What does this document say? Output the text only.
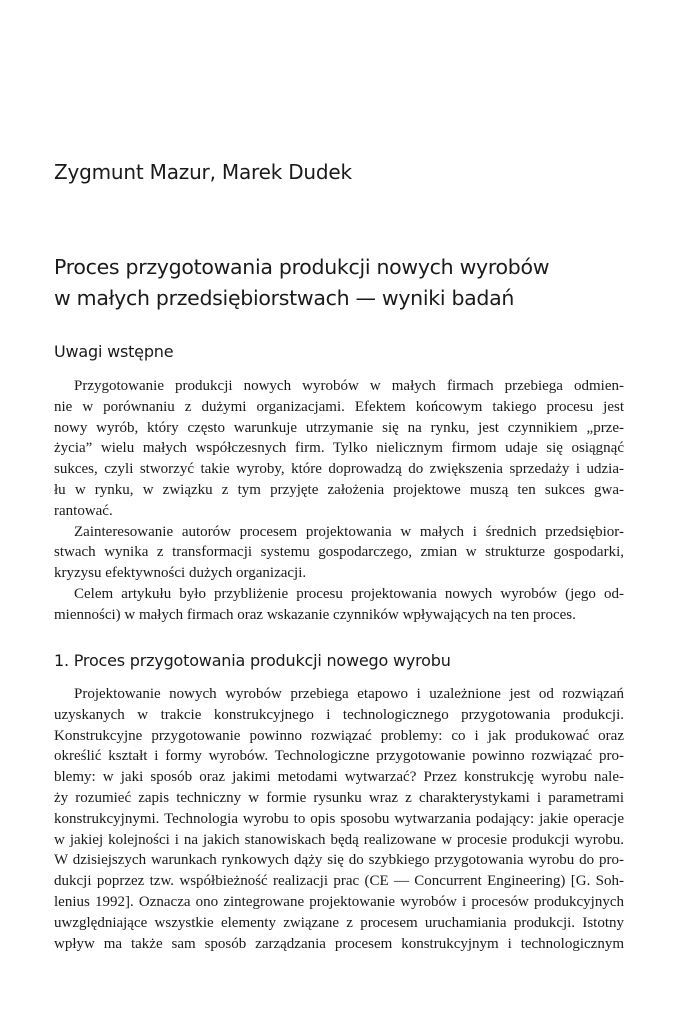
Zygmunt Mazur, Marek Dudek
Proces przygotowania produkcji nowych wyrobów
w małych przedsiębiorstwach — wyniki badań
Uwagi wstępne
Przygotowanie produkcji nowych wyrobów w małych firmach przebiega odmien-
nie w porównaniu z dużymi organizacjami. Efektem końcowym takiego procesu jest
nowy wyrób, który często warunkuje utrzymanie się na rynku, jest czynnikiem „prze-
życia” wielu małych współczesnych firm. Tylko nielicznym firmom udaje się osiągnąć
sukces, czyli stworzyć takie wyroby, które doprowadzą do zwiększenia sprzedaży i udzia-
łu w rynku, w związku z tym przyjęte założenia projektowe muszą ten sukces gwa-
rantować.
Zainteresowanie autorów procesem projektowania w małych i średnich przedsiębior-
stwach wynika z transformacji systemu gospodarczego, zmian w strukturze gospodarki,
kryzysu efektywności dużych organizacji.
Celem artykułu było przybliżenie procesu projektowania nowych wyrobów (jego od-
mienności) w małych firmach oraz wskazanie czynników wpływających na ten proces.
1. Proces przygotowania produkcji nowego wyrobu
Projektowanie nowych wyrobów przebiega etapowo i uzależnione jest od rozwiązań
uzyskanych w trakcie konstrukcyjnego i technologicznego przygotowania produkcji.
Konstrukcyjne przygotowanie powinno rozwiązać problemy: co i jak produkować oraz
określić kształt i formy wyrobów. Technologiczne przygotowanie powinno rozwiązać pro-
blemy: w jaki sposób oraz jakimi metodami wytwarzać? Przez konstrukcję wyrobu nale-
ży rozumieć zapis techniczny w formie rysunku wraz z charakterystykami i parametrami
konstrukcyjnymi. Technologia wyrobu to opis sposobu wytwarzania podający: jakie operacje
w jakiej kolejności i na jakich stanowiskach będą realizowane w procesie produkcji wyrobu.
W dzisiejszych warunkach rynkowych dąży się do szybkiego przygotowania wyrobu do pro-
dukcji poprzez tzw. współbieżność realizacji prac (CE — Concurrent Engineering) [G. Soh-
lenius 1992]. Oznacza ono zintegrowane projektowanie wyrobów i procesów produkcyjnych
uwzględniające wszystkie elementy związane z procesem uruchamiania produkcji. Istotny
wpływ ma także sam sposób zarządzania procesem konstrukcyjnym i technologicznym
